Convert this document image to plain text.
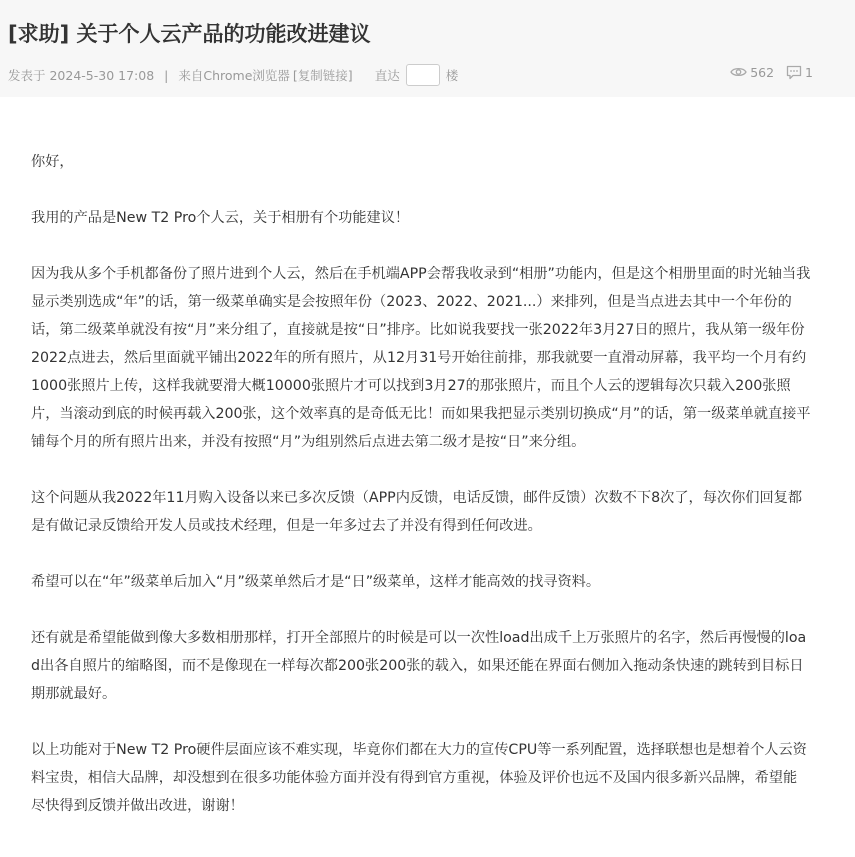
[求助] 关于个人云产品的功能改进建议
发表于 2024-5-30 17:08 | 来自Chrome浏览器 [复制链接] 直达	楼	562 1

你好，

我用的产品是New T2 Pro个人云，关于相册有个功能建议！

因为我从多个手机都备份了照片进到个人云，然后在手机端APP会帮我收录到“相册”功能内，但是这个相册里面的时光轴当我显示类别选成“年”的话，第一级菜单确实是会按照年份（2023、2022、2021...）来排列，但是当点进去其中一个年份的话，第二级菜单就没有按“月”来分组了，直接就是按“日”排序。比如说我要找一张2022年3月27日的照片，我从第一级年份2022点进去，然后里面就平铺出2022年的所有照片，从12月31号开始往前排，那我就要一直滑动屏幕，我平均一个月有约1000张照片上传，这样我就要滑大概10000张照片才可以找到3月27的那张照片，而且个人云的逻辑每次只载入200张照片，当滚动到底的时候再载入200张，这个效率真的是奇低无比！而如果我把显示类别切换成“月”的话，第一级菜单就直接平铺每个月的所有照片出来，并没有按照“月”为组别然后点进去第二级才是按“日”来分组。

这个问题从我2022年11月购入设备以来已多次反馈（APP内反馈，电话反馈，邮件反馈）次数不下8次了，每次你们回复都是有做记录反馈给开发人员或技术经理，但是一年多过去了并没有得到任何改进。

希望可以在“年”级菜单后加入“月”级菜单然后才是“日”级菜单，这样才能高效的找寻资料。

还有就是希望能做到像大多数相册那样，打开全部照片的时候是可以一次性load出成千上万张照片的名字，然后再慢慢的load出各自照片的缩略图，而不是像现在一样每次都200张200张的载入，如果还能在界面右侧加入拖动条快速的跳转到目标日期那就最好。

以上功能对于New T2 Pro硬件层面应该不难实现，毕竟你们都在大力的宣传CPU等一系列配置，选择联想也是想着个人云资料宝贵，相信大品牌，却没想到在很多功能体验方面并没有得到官方重视，体验及评价也远不及国内很多新兴品牌，希望能尽快得到反馈并做出改进，谢谢！
